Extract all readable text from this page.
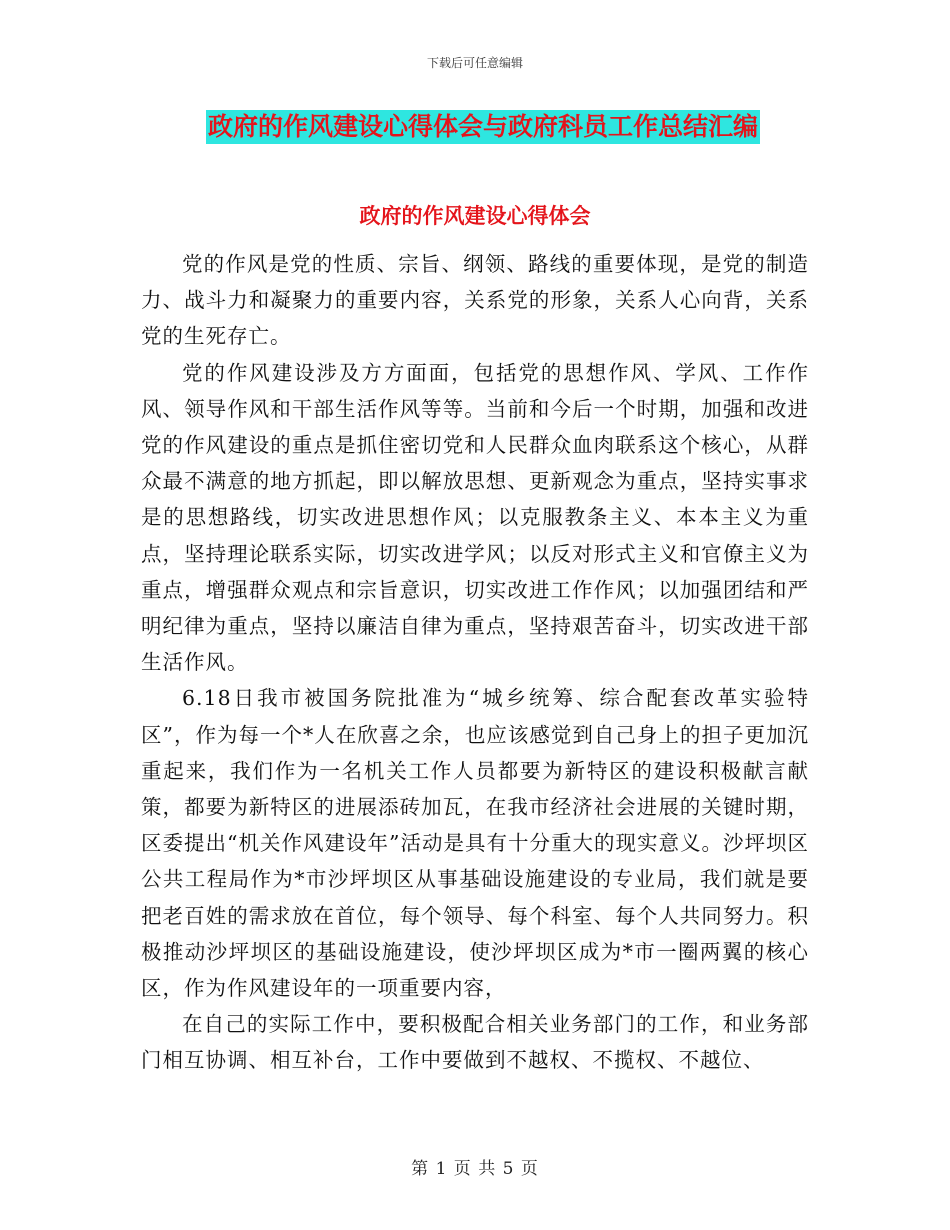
下载后可任意编辑
政府的作风建设心得体会与政府科员工作总结汇编
政府的作风建设心得体会

党的作风是党的性质、宗旨、纲领、路线的重要体现，是党的制造力、战斗力和凝聚力的重要内容，关系党的形象，关系人心向背，关系党的生死存亡。

党的作风建设涉及方方面面，包括党的思想作风、学风、工作作风、领导作风和干部生活作风等等。当前和今后一个时期，加强和改进党的作风建设的重点是抓住密切党和人民群众血肉联系这个核心，从群众最不满意的地方抓起，即以解放思想、更新观念为重点，坚持实事求是的思想路线，切实改进思想作风；以克服教条主义、本本主义为重点，坚持理论联系实际，切实改进学风；以反对形式主义和官僚主义为重点，增强群众观点和宗旨意识，切实改进工作作风；以加强团结和严明纪律为重点，坚持以廉洁自律为重点，坚持艰苦奋斗，切实改进干部生活作风。

6.18日我市被国务院批准为“城乡统筹、综合配套改革实验特区”，作为每一个*人在欣喜之余，也应该感觉到自己身上的担子更加沉重起来，我们作为一名机关工作人员都要为新特区的建设积极献言献策，都要为新特区的进展添砖加瓦，在我市经济社会进展的关键时期，区委提出“机关作风建设年”活动是具有十分重大的现实意义。沙坪坝区公共工程局作为*市沙坪坝区从事基础设施建设的专业局，我们就是要把老百姓的需求放在首位，每个领导、每个科室、每个人共同努力。积极推动沙坪坝区的基础设施建设，使沙坪坝区成为*市一圈两翼的核心区，作为作风建设年的一项重要内容，

在自己的实际工作中，要积极配合相关业务部门的工作，和业务部门相互协调、相互补台，工作中要做到不越权、不揽权、不越位、

第 1 页 共 5 页
